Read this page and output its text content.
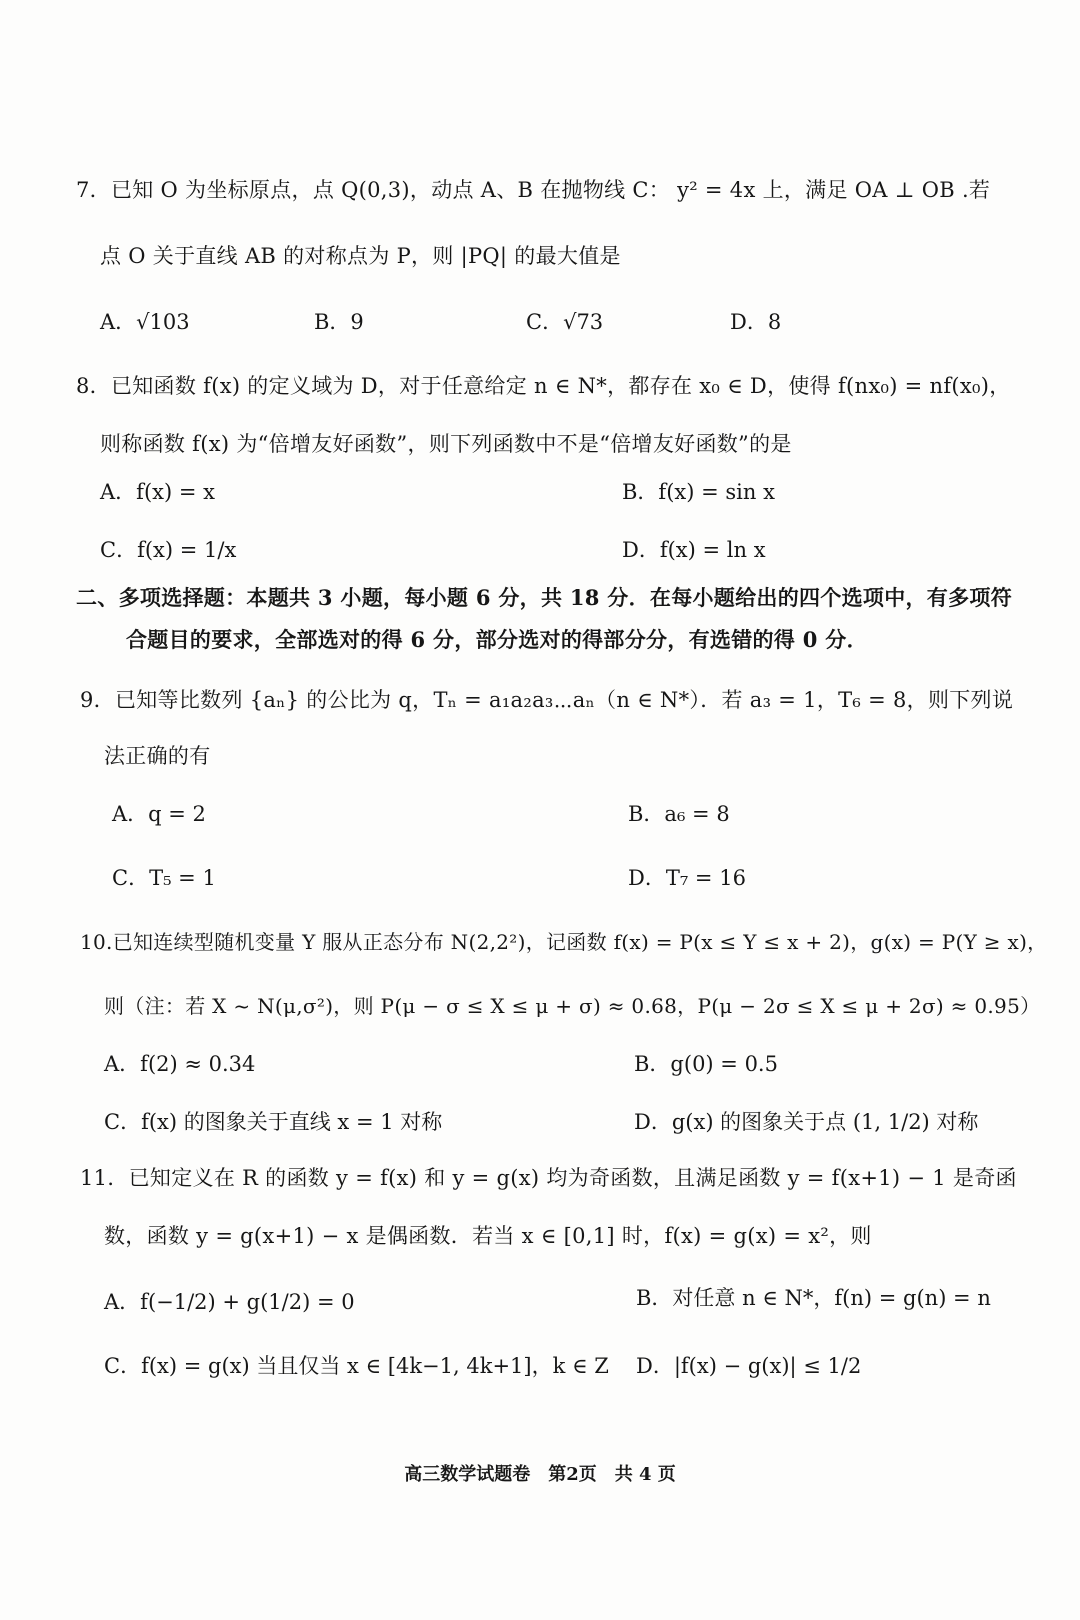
7．已知 O 为坐标原点，点 Q(0,3)，动点 A、B 在抛物线 C： y² = 4x 上，满足 OA ⊥ OB .若
点 O 关于直线 AB 的对称点为 P，则 |PQ| 的最大值是
A．√103	B．9	C．√73	D．8
8．已知函数 f(x) 的定义域为 D，对于任意给定 n ∈ N*，都存在 x₀ ∈ D，使得 f(nx₀) = nf(x₀)，
则称函数 f(x) 为“倍增友好函数”，则下列函数中不是“倍增友好函数”的是
A．f(x) = x	B．f(x) = sin x
C．f(x) = 1/x	D．f(x) = ln x
二、多项选择题：本题共 3 小题，每小题 6 分，共 18 分．在每小题给出的四个选项中，有多项符
合题目的要求，全部选对的得 6 分，部分选对的得部分分，有选错的得 0 分．
9．已知等比数列 {aₙ} 的公比为 q，Tₙ = a₁a₂a₃⋯aₙ（n ∈ N*）．若 a₃ = 1，T₆ = 8，则下列说
法正确的有
A．q = 2	B．a₆ = 8
C．T₅ = 1	D．T₇ = 16
10.已知连续型随机变量 Y 服从正态分布 N(2,2²)，记函数 f(x) = P(x ≤ Y ≤ x + 2)，g(x) = P(Y ≥ x)，
则（注：若 X ~ N(μ,σ²)，则 P(μ − σ ≤ X ≤ μ + σ) ≈ 0.68，P(μ − 2σ ≤ X ≤ μ + 2σ) ≈ 0.95）
A．f(2) ≈ 0.34	B．g(0) = 0.5
C．f(x) 的图象关于直线 x = 1 对称	D．g(x) 的图象关于点 (1, 1/2) 对称
11．已知定义在 R 的函数 y = f(x) 和 y = g(x) 均为奇函数，且满足函数 y = f(x+1) − 1 是奇函
数，函数 y = g(x+1) − x 是偶函数．若当 x ∈ [0,1] 时，f(x) = g(x) = x²，则
A．f(−1/2) + g(1/2) = 0	B．对任意 n ∈ N*，f(n) = g(n) = n
C．f(x) = g(x) 当且仅当 x ∈ [4k−1, 4k+1]，k ∈ Z D．|f(x) − g(x)| ≤ 1/2
高三数学试题卷　第2页　共 4 页
